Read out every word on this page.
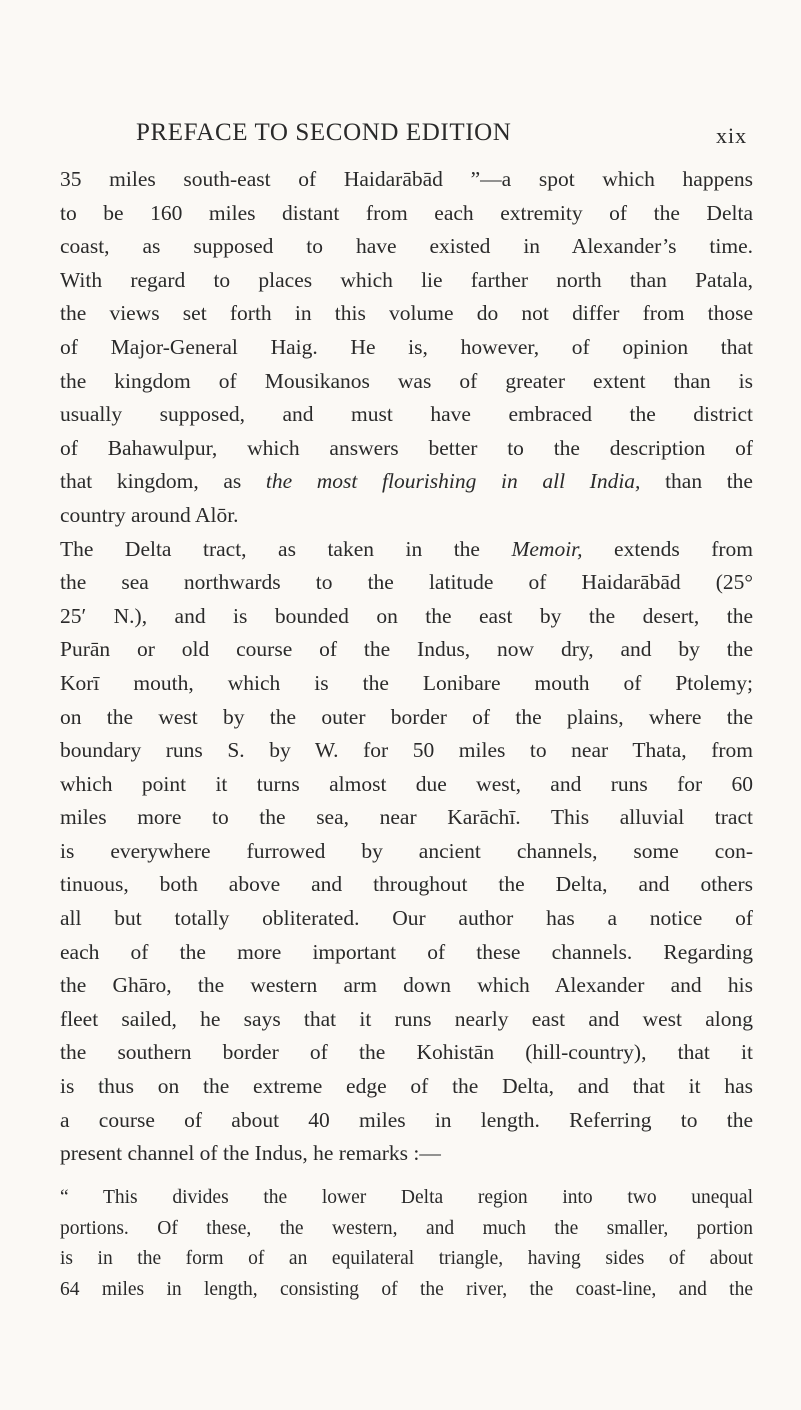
PREFACE TO SECOND EDITION	xix
35 miles south-east of Haidarābād ”—a spot which happens
to be 160 miles distant from each extremity of the Delta
coast, as supposed to have existed in Alexander’s time.
With regard to places which lie farther north than Patala,
the views set forth in this volume do not differ from those
of Major-General Haig. He is, however, of opinion that
the kingdom of Mousikanos was of greater extent than is
usually supposed, and must have embraced the district
of Bahawulpur, which answers better to the description of
that kingdom, as the most flourishing in all India, than the
country around Alōr.
The Delta tract, as taken in the Memoir, extends from
the sea northwards to the latitude of Haidarābād (25°
25′ N.), and is bounded on the east by the desert, the
Purān or old course of the Indus, now dry, and by the
Korī mouth, which is the Lonibare mouth of Ptolemy;
on the west by the outer border of the plains, where the
boundary runs S. by W. for 50 miles to near Thata, from
which point it turns almost due west, and runs for 60
miles more to the sea, near Karāchī. This alluvial tract
is everywhere furrowed by ancient channels, some con-
tinuous, both above and throughout the Delta, and others
all but totally obliterated. Our author has a notice of
each of the more important of these channels. Regarding
the Ghāro, the western arm down which Alexander and his
fleet sailed, he says that it runs nearly east and west along
the southern border of the Kohistān (hill-country), that it
is thus on the extreme edge of the Delta, and that it has
a course of about 40 miles in length. Referring to the
present channel of the Indus, he remarks :—
“ This divides the lower Delta region into two unequal
portions. Of these, the western, and much the smaller, portion
is in the form of an equilateral triangle, having sides of about
64 miles in length, consisting of the river, the coast-line, and the
